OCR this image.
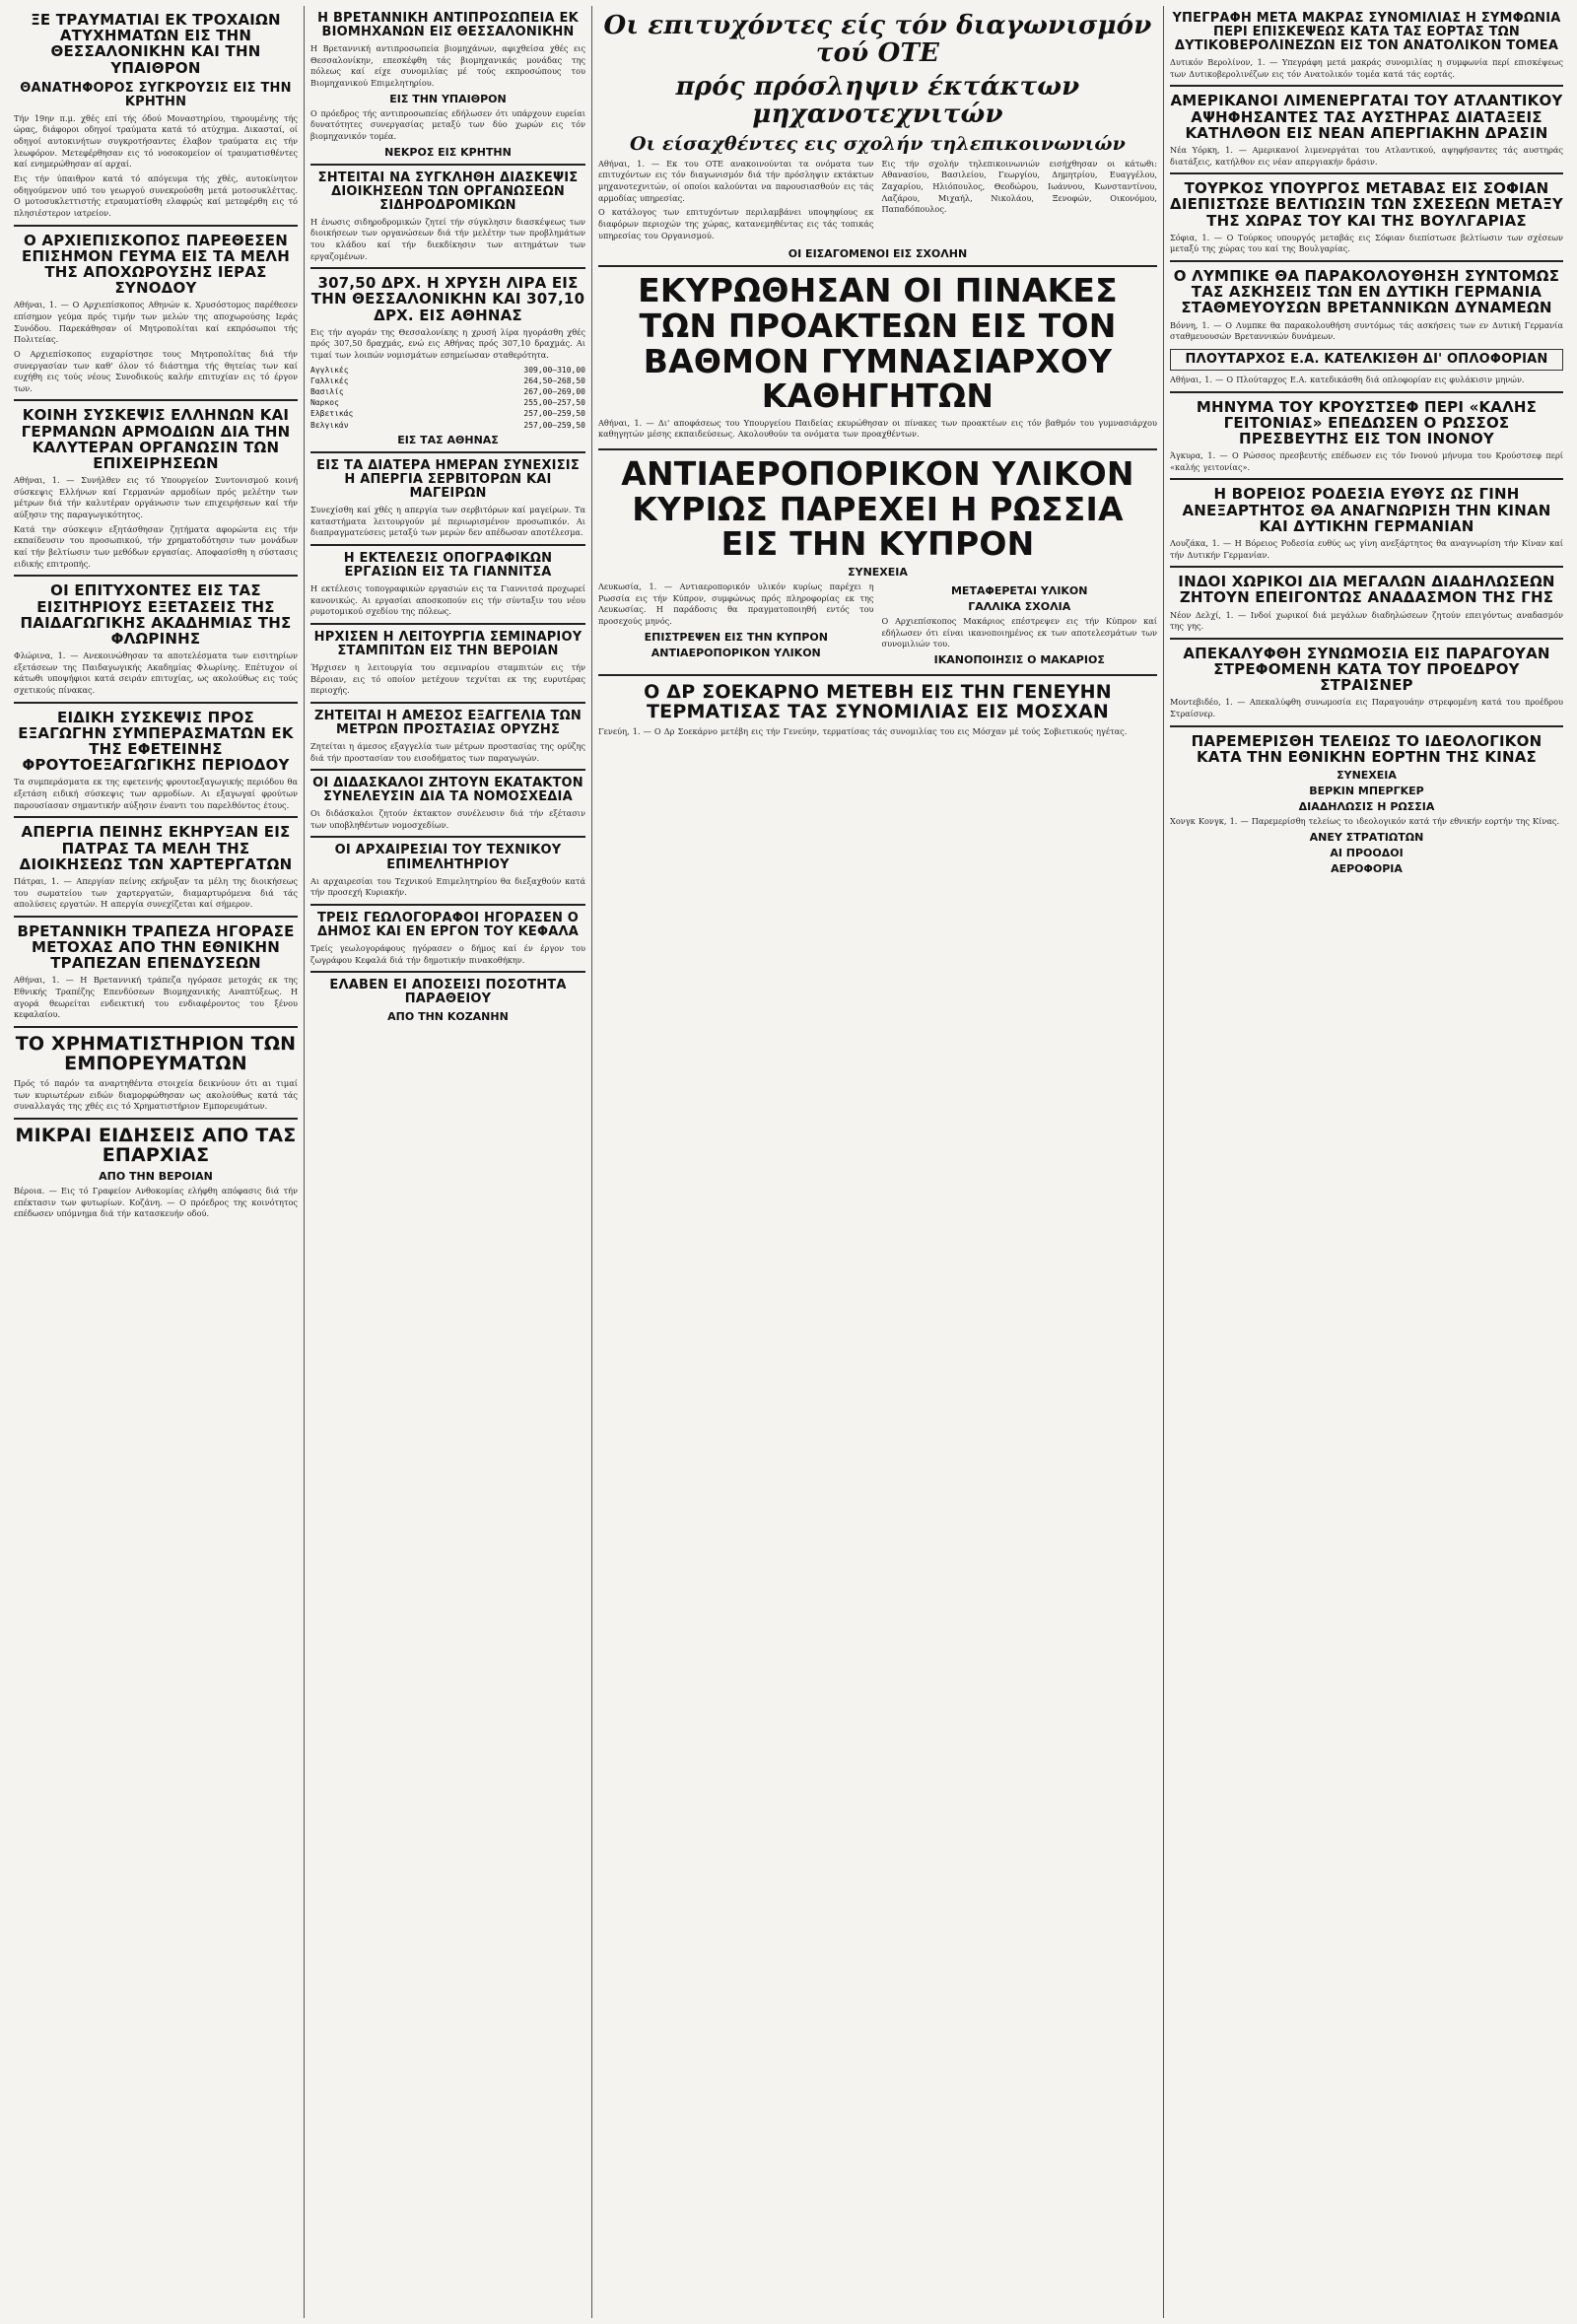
ΞΕ ΤΡΑΥΜΑΤΙΑΙ ΕΚ ΤΡΟΧΑΙΩΝ ΑΤΥΧΗΜΑΤΩΝ ΕΙΣ ΤΗΝ ΘΕΣΣΑΛΟΝΙΚΗΝ ΚΑΙ ΤΗΝ ΥΠΑΙΘΡΟΝ
ΘΑΝΑΤΗΦΟΡΟΣ ΣΥΓΚΡΟΥΣΙΣ ΕΙΣ ΤΗΝ ΚΡΗΤΗΝ

Τήν 19ην π.μ. χθές επί τής όδού Μοναστηρίου, τηρουμένης τής ώρας, διάφοροι οδηγοί τραύματα κατά τό ατύχημα. Δικασταί, οί οδηγοί αυτοκινήτων συγκροτήσαντες έλαβον τραύματα εις τήν λεωφόρον. Μετεφέρθησαν εις τό νοσοκομείον οί τραυματισθέντες καί ενημερώθησαν αί αρχαί.

Εις τήν ύπαιθρον κατά τό απόγευμα τής χθές, αυτοκίνητον οδηγούμενον υπό του γεωργού συνεκρούσθη μετά μοτοσυκλέττας. Ο μοτοσυκλεττιστής ετραυματίσθη ελαφρώς καί μετεφέρθη εις τό πλησιέστερον ιατρείον.

Ο ΑΡΧΙΕΠΙΣΚΟΠΟΣ ΠΑΡΕΘΕΣΕΝ ΕΠΙΣΗΜΟΝ ΓΕΥΜΑ ΕΙΣ ΤΑ ΜΕΛΗ ΤΗΣ ΑΠΟΧΩΡΟΥΣΗΣ ΙΕΡΑΣ ΣΥΝΟΔΟΥ

Αθήναι, 1. — Ο Αρχιεπίσκοπος Αθηνών κ. Χρυσόστομος παρέθεσεν επίσημον γεύμα πρός τιμήν των μελών της αποχωρούσης Ιεράς Συνόδου. Παρεκάθησαν οί Μητροπολίται καί εκπρόσωποι τής Πολιτείας.

Ο Αρχιεπίσκοπος ευχαρίστησε τους Μητροπολίτας διά τήν συνεργασίαν των καθ' όλον τό διάστημα τής θητείας των καί ευχήθη εις τούς νέους Συνοδικούς καλήν επιτυχίαν εις τό έργον των.

ΚΟΙΝΗ ΣΥΣΚΕΨΙΣ ΕΛΛΗΝΩΝ ΚΑΙ ΓΕΡΜΑΝΩΝ ΑΡΜΟΔΙΩΝ ΔΙΑ ΤΗΝ ΚΑΛΥΤΕΡΑΝ ΟΡΓΑΝΩΣΙΝ ΤΩΝ ΕΠΙΧΕΙΡΗΣΕΩΝ

Αθήναι, 1. — Συνήλθεν εις τό Υπουργείον Συντονισμού κοινή σύσκεψις Ελλήνων καί Γερμανών αρμοδίων πρός μελέτην των μέτρων διά τήν καλυτέραν οργάνωσιν των επιχειρήσεων καί τήν αύξησιν της παραγωγικότητος.

Κατά την σύσκεψιν εξητάσθησαν ζητήματα αφορώντα εις τήν εκπαίδευσιν του προσωπικού, τήν χρηματοδότησιν των μονάδων καί τήν βελτίωσιν των μεθόδων εργασίας. Αποφασίσθη η σύστασις ειδικής επιτροπής.

ΟΙ ΕΠΙΤΥΧΟΝΤΕΣ ΕΙΣ ΤΑΣ ΕΙΣΙΤΗΡΙΟΥΣ ΕΞΕΤΑΣΕΙΣ ΤΗΣ ΠΑΙΔΑΓΩΓΙΚΗΣ ΑΚΑΔΗΜΙΑΣ ΤΗΣ ΦΛΩΡΙΝΗΣ

Φλώρινα, 1. — Ανεκοινώθησαν τα αποτελέσματα των εισιτηρίων εξετάσεων της Παιδαγωγικής Ακαδημίας Φλωρίνης. Επέτυχον οί κάτωθι υποψήφιοι κατά σειράν επιτυχίας, ως ακολούθως εις τούς σχετικούς πίνακας.

ΕΙΔΙΚΗ ΣΥΣΚΕΨΙΣ ΠΡΟΣ ΕΞΑΓΩΓΗΝ ΣΥΜΠΕΡΑΣΜΑΤΩΝ ΕΚ ΤΗΣ ΕΦΕΤΕΙΝΗΣ ΦΡΟΥΤΟΕΞΑΓΩΓΙΚΗΣ ΠΕΡΙΟΔΟΥ

Τα συμπεράσματα εκ της εφετεινής φρουτοεξαγωγικής περιόδου θα εξετάση ειδική σύσκεψις των αρμοδίων. Αι εξαγωγαί φρούτων παρουσίασαν σημαντικήν αύξησιν έναντι του παρελθόντος έτους.

ΑΠΕΡΓΙΑ ΠΕΙΝΗΣ ΕΚΗΡΥΞΑΝ ΕΙΣ ΠΑΤΡΑΣ ΤΑ ΜΕΛΗ ΤΗΣ ΔΙΟΙΚΗΣΕΩΣ ΤΩΝ ΧΑΡΤΕΡΓΑΤΩΝ

Πάτραι, 1. — Απεργίαν πείνης εκήρυξαν τα μέλη της διοικήσεως του σωματείου των χαρτεργατών, διαμαρτυρόμενα διά τάς απολύσεις εργατών. Η απεργία συνεχίζεται καί σήμερον.

ΒΡΕΤΑΝΝΙΚΗ ΤΡΑΠΕΖΑ ΗΓΟΡΑΣΕ ΜΕΤΟΧΑΣ ΑΠΟ ΤΗΝ ΕΘΝΙΚΗΝ ΤΡΑΠΕΖΑΝ ΕΠΕΝΔΥΣΕΩΝ

Αθήναι, 1. — Η Βρεταννική τράπεζα ηγόρασε μετοχάς εκ της Εθνικής Τραπέζης Επενδύσεων Βιομηχανικής Αναπτύξεως. Η αγορά θεωρείται ενδεικτική του ενδιαφέροντος του ξένου κεφαλαίου.

ΤΟ ΧΡΗΜΑΤΙΣΤΗΡΙΟΝ ΤΩΝ ΕΜΠΟΡΕΥΜΑΤΩΝ

Πρός τό παρόν τα αναρτηθέντα στοιχεία δεικνύουν ότι αι τιμαί των κυριωτέρων ειδών διαμορφώθησαν ως ακολούθως κατά τάς συναλλαγάς της χθές εις τό Χρηματιστήριον Εμπορευμάτων.

ΜΙΚΡΑΙ ΕΙΔΗΣΕΙΣ ΑΠΟ ΤΑΣ ΕΠΑΡΧΙΑΣ
ΑΠΟ ΤΗΝ ΒΕΡΟΙΑΝ

Βέροια. — Εις τό Γραφείον Ανθοκομίας ελήφθη απόφασις διά τήν επέκτασιν των φυτωρίων. Κοζάνη. — Ο πρόεδρος της κοινότητος επέδωσεν υπόμνημα διά τήν κατασκευήν οδού.

Η ΒΡΕΤΑΝΝΙΚΗ ΑΝΤΙΠΡΟΣΩΠΕΙΑ ΕΚ ΒΙΟΜΗΧΑΝΩΝ ΕΙΣ ΘΕΣΣΑΛΟΝΙΚΗΝ

Η Βρεταννική αντιπροσωπεία βιομηχάνων, αφιχθείσα χθές εις Θεσσαλονίκην, επεσκέφθη τάς βιομηχανικάς μονάδας της πόλεως καί είχε συνομιλίας μέ τούς εκπροσώπους του Βιομηχανικού Επιμελητηρίου.

ΕΙΣ ΤΗΝ ΥΠΑΙΘΡΟΝ

Ο πρόεδρος τής αντιπροσωπείας εδήλωσεν ότι υπάρχουν ευρείαι δυνατότητες συνεργασίας μεταξύ των δύο χωρών εις τόν βιομηχανικόν τομέα.

ΝΕΚΡΟΣ ΕΙΣ ΚΡΗΤΗΝ
ΣΗΤΕΙΤΑΙ ΝΑ ΣΥΓΚΛΗΘΗ ΔΙΑΣΚΕΨΙΣ ΔΙΟΙΚΗΣΕΩΝ ΤΩΝ ΟΡΓΑΝΩΣΕΩΝ ΣΙΔΗΡΟΔΡΟΜΙΚΩΝ

Η ένωσις σιδηροδρομικών ζητεί τήν σύγκλησιν διασκέψεως των διοικήσεων των οργανώσεων διά τήν μελέτην των προβλημάτων του κλάδου καί τήν διεκδίκησιν των αιτημάτων των εργαζομένων.

307,50 ΔΡΧ. Η ΧΡΥΣΗ ΛΙΡΑ ΕΙΣ ΤΗΝ ΘΕΣΣΑΛΟΝΙΚΗΝ ΚΑΙ 307,10 ΔΡΧ. ΕΙΣ ΑΘΗΝΑΣ

Εις τήν αγοράν της Θεσσαλονίκης η χρυσή λίρα ηγοράσθη χθές πρός 307,50 δραχμάς, ενώ εις Αθήνας πρός 307,10 δραχμάς. Αι τιμαί των λοιπών νομισμάτων εσημείωσαν σταθερότητα.

Αγγλικές	309,00—310,00
Γαλλικές	264,50—268,50
Βασιλίς	267,00—269,00
Ναρκος	255,00—257,50
Ελβετικάς	257,00—259,50
Βελγικάν	257,00—259,50
ΕΙΣ ΤΑΣ ΑΘΗΝΑΣ
ΕΙΣ ΤΑ ΔΙΑΤΕΡΑ ΗΜΕΡΑΝ ΣΥΝΕΧΙΣΙΣ Η ΑΠΕΡΓΙΑ ΣΕΡΒΙΤΟΡΩΝ ΚΑΙ ΜΑΓΕΙΡΩΝ

Συνεχίσθη καί χθές η απεργία των σερβιτόρων καί μαγείρων. Τα καταστήματα λειτουργούν μέ περιωρισμένον προσωπικόν. Αι διαπραγματεύσεις μεταξύ των μερών δεν απέδωσαν αποτέλεσμα.

Η ΕΚΤΕΛΕΣΙΣ ΟΠΟΓΡΑΦΙΚΩΝ ΕΡΓΑΣΙΩΝ ΕΙΣ ΤΑ ΓΙΑΝΝΙΤΣΑ

Η εκτέλεσις τοπογραφικών εργασιών εις τα Γιαννιτσά προχωρεί κανονικώς. Αι εργασίαι αποσκοπούν εις τήν σύνταξιν του νέου ρυμοτομικού σχεδίου της πόλεως.

ΗΡΧΙΣΕΝ Η ΛΕΙΤΟΥΡΓΙΑ ΣΕΜΙΝΑΡΙΟΥ ΣΤΑΜΠΙΤΩΝ ΕΙΣ ΤΗΝ ΒΕΡΟΙΑΝ

Ήρχισεν η λειτουργία του σεμιναρίου σταμπιτών εις τήν Βέροιαν, εις τό οποίον μετέχουν τεχνίται εκ της ευρυτέρας περιοχής.

ΖΗΤΕΙΤΑΙ Η ΑΜΕΣΟΣ ΕΞΑΓΓΕΛΙΑ ΤΩΝ ΜΕΤΡΩΝ ΠΡΟΣΤΑΣΙΑΣ ΟΡΥΖΗΣ

Ζητείται η άμεσος εξαγγελία των μέτρων προστασίας της ορύζης διά τήν προστασίαν του εισοδήματος των παραγωγών.

ΟΙ ΔΙΔΑΣΚΑΛΟΙ ΖΗΤΟΥΝ ΕΚΑΤΑΚΤΟΝ ΣΥΝΕΛΕΥΣΙΝ ΔΙΑ ΤΑ ΝΟΜΟΣΧΕΔΙΑ

Οι διδάσκαλοι ζητούν έκτακτον συνέλευσιν διά τήν εξέτασιν των υποβληθέντων νομοσχεδίων.

ΟΙ ΑΡΧΑΙΡΕΣΙΑΙ ΤΟΥ ΤΕΧΝΙΚΟΥ ΕΠΙΜΕΛΗΤΗΡΙΟΥ

Αι αρχαιρεσίαι του Τεχνικού Επιμελητηρίου θα διεξαχθούν κατά τήν προσεχή Κυριακήν.

ΤΡΕΙΣ ΓΕΩΛΟΓΟΡΑΦΟΙ ΗΓΟΡΑΣΕΝ Ο ΔΗΜΟΣ ΚΑΙ ΕΝ ΕΡΓΟΝ ΤΟΥ ΚΕΦΑΛΑ

Τρείς γεωλογοράφους ηγόρασεν ο δήμος καί έν έργον του ζωγράφου Κεφαλά διά τήν δημοτικήν πινακοθήκην.

ΕΛΑΒΕΝ ΕΙ ΑΠΟΣΕΙΣΙ ΠΟΣΟΤΗΤΑ ΠΑΡΑΘΕΙΟΥ
ΑΠΟ ΤΗΝ ΚΟΖΑΝΗΝ
Οι επιτυχόντες είς τόν διαγωνισμόν τού ΟΤΕ
πρός πρόσληψιν έκτάκτων μηχανοτεχνιτών
Οι είσαχθέντες εις σχολήν τηλεπικοινωνιών

Αθήναι, 1. — Εκ του ΟΤΕ ανακοινούνται τα ονόματα των επιτυχόντων εις τόν διαγωνισμόν διά τήν πρόσληψιν εκτάκτων μηχανοτεχνιτών, οί οποίοι καλούνται να παρουσιασθούν εις τάς αρμοδίας υπηρεσίας.

Ο κατάλογος των επιτυχόντων περιλαμβάνει υποψηφίους εκ διαφόρων περιοχών της χώρας, κατανεμηθέντας εις τάς τοπικάς υπηρεσίας του Οργανισμού.

Εις τήν σχολήν τηλεπικοινωνιών εισήχθησαν οι κάτωθι: Αθανασίου, Βασιλείου, Γεωργίου, Δημητρίου, Ευαγγέλου, Ζαχαρίου, Ηλιόπουλος, Θεοδώρου, Ιωάννου, Κωνσταντίνου, Λαζάρου, Μιχαήλ, Νικολάου, Ξενοφών, Οικονόμου, Παπαδόπουλος.

ΟΙ ΕΙΣΑΓΟΜΕΝΟΙ ΕΙΣ ΣΧΟΛΗΝ
ΕΚΥΡΩΘΗΣΑΝ ΟΙ ΠΙΝΑΚΕΣ ΤΩΝ ΠΡΟΑΚΤΕΩΝ ΕΙΣ ΤΟΝ ΒΑΘΜΟΝ ΓΥΜΝΑΣΙΑΡΧΟΥ ΚΑΘΗΓΗΤΩΝ

Αθήναι, 1. — Δι' αποφάσεως του Υπουργείου Παιδείας εκυρώθησαν οι πίνακες των προακτέων εις τόν βαθμόν του γυμνασιάρχου καθηγητών μέσης εκπαιδεύσεως. Ακολουθούν τα ονόματα των προαχθέντων.

ΑΝΤΙΑΕΡΟΠΟΡΙΚΟΝ ΥΛΙΚΟΝ ΚΥΡΙΩΣ ΠΑΡΕΧΕΙ Η ΡΩΣΣΙΑ ΕΙΣ ΤΗΝ ΚΥΠΡΟΝ
ΣΥΝΕΧΕΙΑ

Λευκωσία, 1. — Αντιαεροπορικόν υλικόν κυρίως παρέχει η Ρωσσία εις τήν Κύπρον, συμφώνως πρός πληροφορίας εκ της Λευκωσίας. Η παράδοσις θα πραγματοποιηθή εντός του προσεχούς μηνός.

ΕΠΙΣΤΡΕΨΕΝ ΕΙΣ ΤΗΝ ΚΥΠΡΟΝ
ΑΝΤΙΑΕΡΟΠΟΡΙΚΟΝ ΥΛΙΚΟΝ
ΜΕΤΑΦΕΡΕΤΑΙ ΥΛΙΚΟΝ
ΓΑΛΛΙΚΑ ΣΧΟΛΙΑ

Ο Αρχιεπίσκοπος Μακάριος επέστρεψεν εις τήν Κύπρον καί εδήλωσεν ότι είναι ικανοποιημένος εκ των αποτελεσμάτων των συνομιλιών του.

ΙΚΑΝΟΠΟΙΗΣΙΣ Ο ΜΑΚΑΡΙΟΣ
Ο ΔΡ ΣΟΕΚΑΡΝΟ ΜΕΤΕΒΗ ΕΙΣ ΤΗΝ ΓΕΝΕΥΗΝ ΤΕΡΜΑΤΙΣΑΣ ΤΑΣ ΣΥΝΟΜΙΛΙΑΣ ΕΙΣ ΜΟΣΧΑΝ

Γενεύη, 1. — Ο Δρ Σοεκάρνο μετέβη εις τήν Γενεύην, τερματίσας τάς συνομιλίας του εις Μόσχαν μέ τούς Σοβιετικούς ηγέτας.

ΥΠΕΓΡΑΦΗ ΜΕΤΑ ΜΑΚΡΑΣ ΣΥΝΟΜΙΛΙΑΣ Η ΣΥΜΦΩΝΙΑ ΠΕΡΙ ΕΠΙΣΚΕΨΕΩΣ ΚΑΤΑ ΤΑΣ ΕΟΡΤΑΣ ΤΩΝ ΔΥΤΙΚΟΒΕΡΟΛΙΝΕΖΩΝ ΕΙΣ ΤΟΝ ΑΝΑΤΟΛΙΚΟΝ ΤΟΜΕΑ

Δυτικόν Βερολίνον, 1. — Υπεγράφη μετά μακράς συνομιλίας η συμφωνία περί επισκέψεως των Δυτικοβερολινέζων εις τόν Ανατολικόν τομέα κατά τάς εορτάς.

ΑΜΕΡΙΚΑΝΟΙ ΛΙΜΕΝΕΡΓΑΤΑΙ ΤΟΥ ΑΤΛΑΝΤΙΚΟΥ ΑΨΗΦΗΣΑΝΤΕΣ ΤΑΣ ΑΥΣΤΗΡΑΣ ΔΙΑΤΑΞΕΙΣ ΚΑΤΗΛΘΟΝ ΕΙΣ ΝΕΑΝ ΑΠΕΡΓΙΑΚΗΝ ΔΡΑΣΙΝ

Νέα Υόρκη, 1. — Αμερικανοί λιμενεργάται του Ατλαντικού, αψηφήσαντες τάς αυστηράς διατάξεις, κατήλθον εις νέαν απεργιακήν δράσιν.

ΤΟΥΡΚΟΣ ΥΠΟΥΡΓΟΣ ΜΕΤΑΒΑΣ ΕΙΣ ΣΟΦΙΑΝ ΔΙΕΠΙΣΤΩΣΕ ΒΕΛΤΙΩΣΙΝ ΤΩΝ ΣΧΕΣΕΩΝ ΜΕΤΑΞΥ ΤΗΣ ΧΩΡΑΣ ΤΟΥ ΚΑΙ ΤΗΣ ΒΟΥΛΓΑΡΙΑΣ

Σόφια, 1. — Ο Τούρκος υπουργός μεταβάς εις Σόφιαν διεπίστωσε βελτίωσιν των σχέσεων μεταξύ της χώρας του καί της Βουλγαρίας.

Ο ΛΥΜΠΙΚΕ ΘΑ ΠΑΡΑΚΟΛΟΥΘΗΣΗ ΣΥΝΤΟΜΩΣ ΤΑΣ ΑΣΚΗΣΕΙΣ ΤΩΝ ΕΝ ΔΥΤΙΚΗ ΓΕΡΜΑΝΙΑ ΣΤΑΘΜΕΥΟΥΣΩΝ ΒΡΕΤΑΝΝΙΚΩΝ ΔΥΝΑΜΕΩΝ

Βόννη, 1. — Ο Λυμπκε θα παρακολουθήση συντόμως τάς ασκήσεις των εν Δυτική Γερμανία σταθμευουσών Βρεταννικών δυνάμεων.

ΠΛΟΥΤΑΡΧΟΣ Ε.Α. ΚΑΤΕΛΚΙΣΘΗ ΔΙ' ΟΠΛΟΦΟΡΙΑΝ

Αθήναι, 1. — Ο Πλούταρχος Ε.Α. κατεδικάσθη διά οπλοφορίαν εις φυλάκισιν μηνών.

ΜΗΝΥΜΑ ΤΟΥ ΚΡΟΥΣΤΣΕΦ ΠΕΡΙ «ΚΑΛΗΣ ΓΕΙΤΟΝΙΑΣ» ΕΠΕΔΩΣΕΝ Ο ΡΩΣΣΟΣ ΠΡΕΣΒΕΥΤΗΣ ΕΙΣ ΤΟΝ ΙΝΟΝΟΥ

Άγκυρα, 1. — Ο Ρώσσος πρεσβευτής επέδωσεν εις τόν Ινονού μήνυμα του Κρούστσεφ περί «καλής γειτονίας».

Η ΒΟΡΕΙΟΣ ΡΟΔΕΣΙΑ ΕΥΘΥΣ ΩΣ ΓΙΝΗ ΑΝΕΞΑΡΤΗΤΟΣ ΘΑ ΑΝΑΓΝΩΡΙΣΗ ΤΗΝ ΚΙΝΑΝ ΚΑΙ ΔΥΤΙΚΗΝ ΓΕΡΜΑΝΙΑΝ

Λουζάκα, 1. — Η Βόρειος Ροδεσία ευθύς ως γίνη ανεξάρτητος θα αναγνωρίση τήν Κίναν καί τήν Δυτικήν Γερμανίαν.

ΙΝΔΟΙ ΧΩΡΙΚΟΙ ΔΙΑ ΜΕΓΑΛΩΝ ΔΙΑΔΗΛΩΣΕΩΝ ΖΗΤΟΥΝ ΕΠΕΙΓΟΝΤΩΣ ΑΝΑΔΑΣΜΟΝ ΤΗΣ ΓΗΣ

Νέον Δελχί, 1. — Ινδοί χωρικοί διά μεγάλων διαδηλώσεων ζητούν επειγόντως αναδασμόν της γης.

ΑΠΕΚΑΛΥΦΘΗ ΣΥΝΩΜΟΣΙΑ ΕΙΣ ΠΑΡΑΓΟΥΑΝ ΣΤΡΕΦΟΜΕΝΗ ΚΑΤΑ ΤΟΥ ΠΡΟΕΔΡΟΥ ΣΤΡΑΙΣΝΕΡ

Μοντεβιδέο, 1. — Απεκαλύφθη συνωμοσία εις Παραγουάην στρεφομένη κατά του προέδρου Στραίσνερ.

ΠΑΡΕΜΕΡΙΣΘΗ ΤΕΛΕΙΩΣ ΤΟ ΙΔΕΟΛΟΓΙΚΟΝ ΚΑΤΑ ΤΗΝ ΕΘΝΙΚΗΝ ΕΟΡΤΗΝ ΤΗΣ ΚΙΝΑΣ
ΣΥΝΕΧΕΙΑ
ΒΕΡΚΙΝ ΜΠΕΡΓΚΕΡ
ΔΙΑΔΗΛΩΣΙΣ Η ΡΩΣΣΙΑ

Χονγκ Κονγκ, 1. — Παρεμερίσθη τελείως το ιδεολογικόν κατά τήν εθνικήν εορτήν της Κίνας.

ΑΝΕΥ ΣΤΡΑΤΙΩΤΩΝ
ΑΙ ΠΡΟΟΔΟΙ
ΑΕΡΟΦΟΡΙΑ
